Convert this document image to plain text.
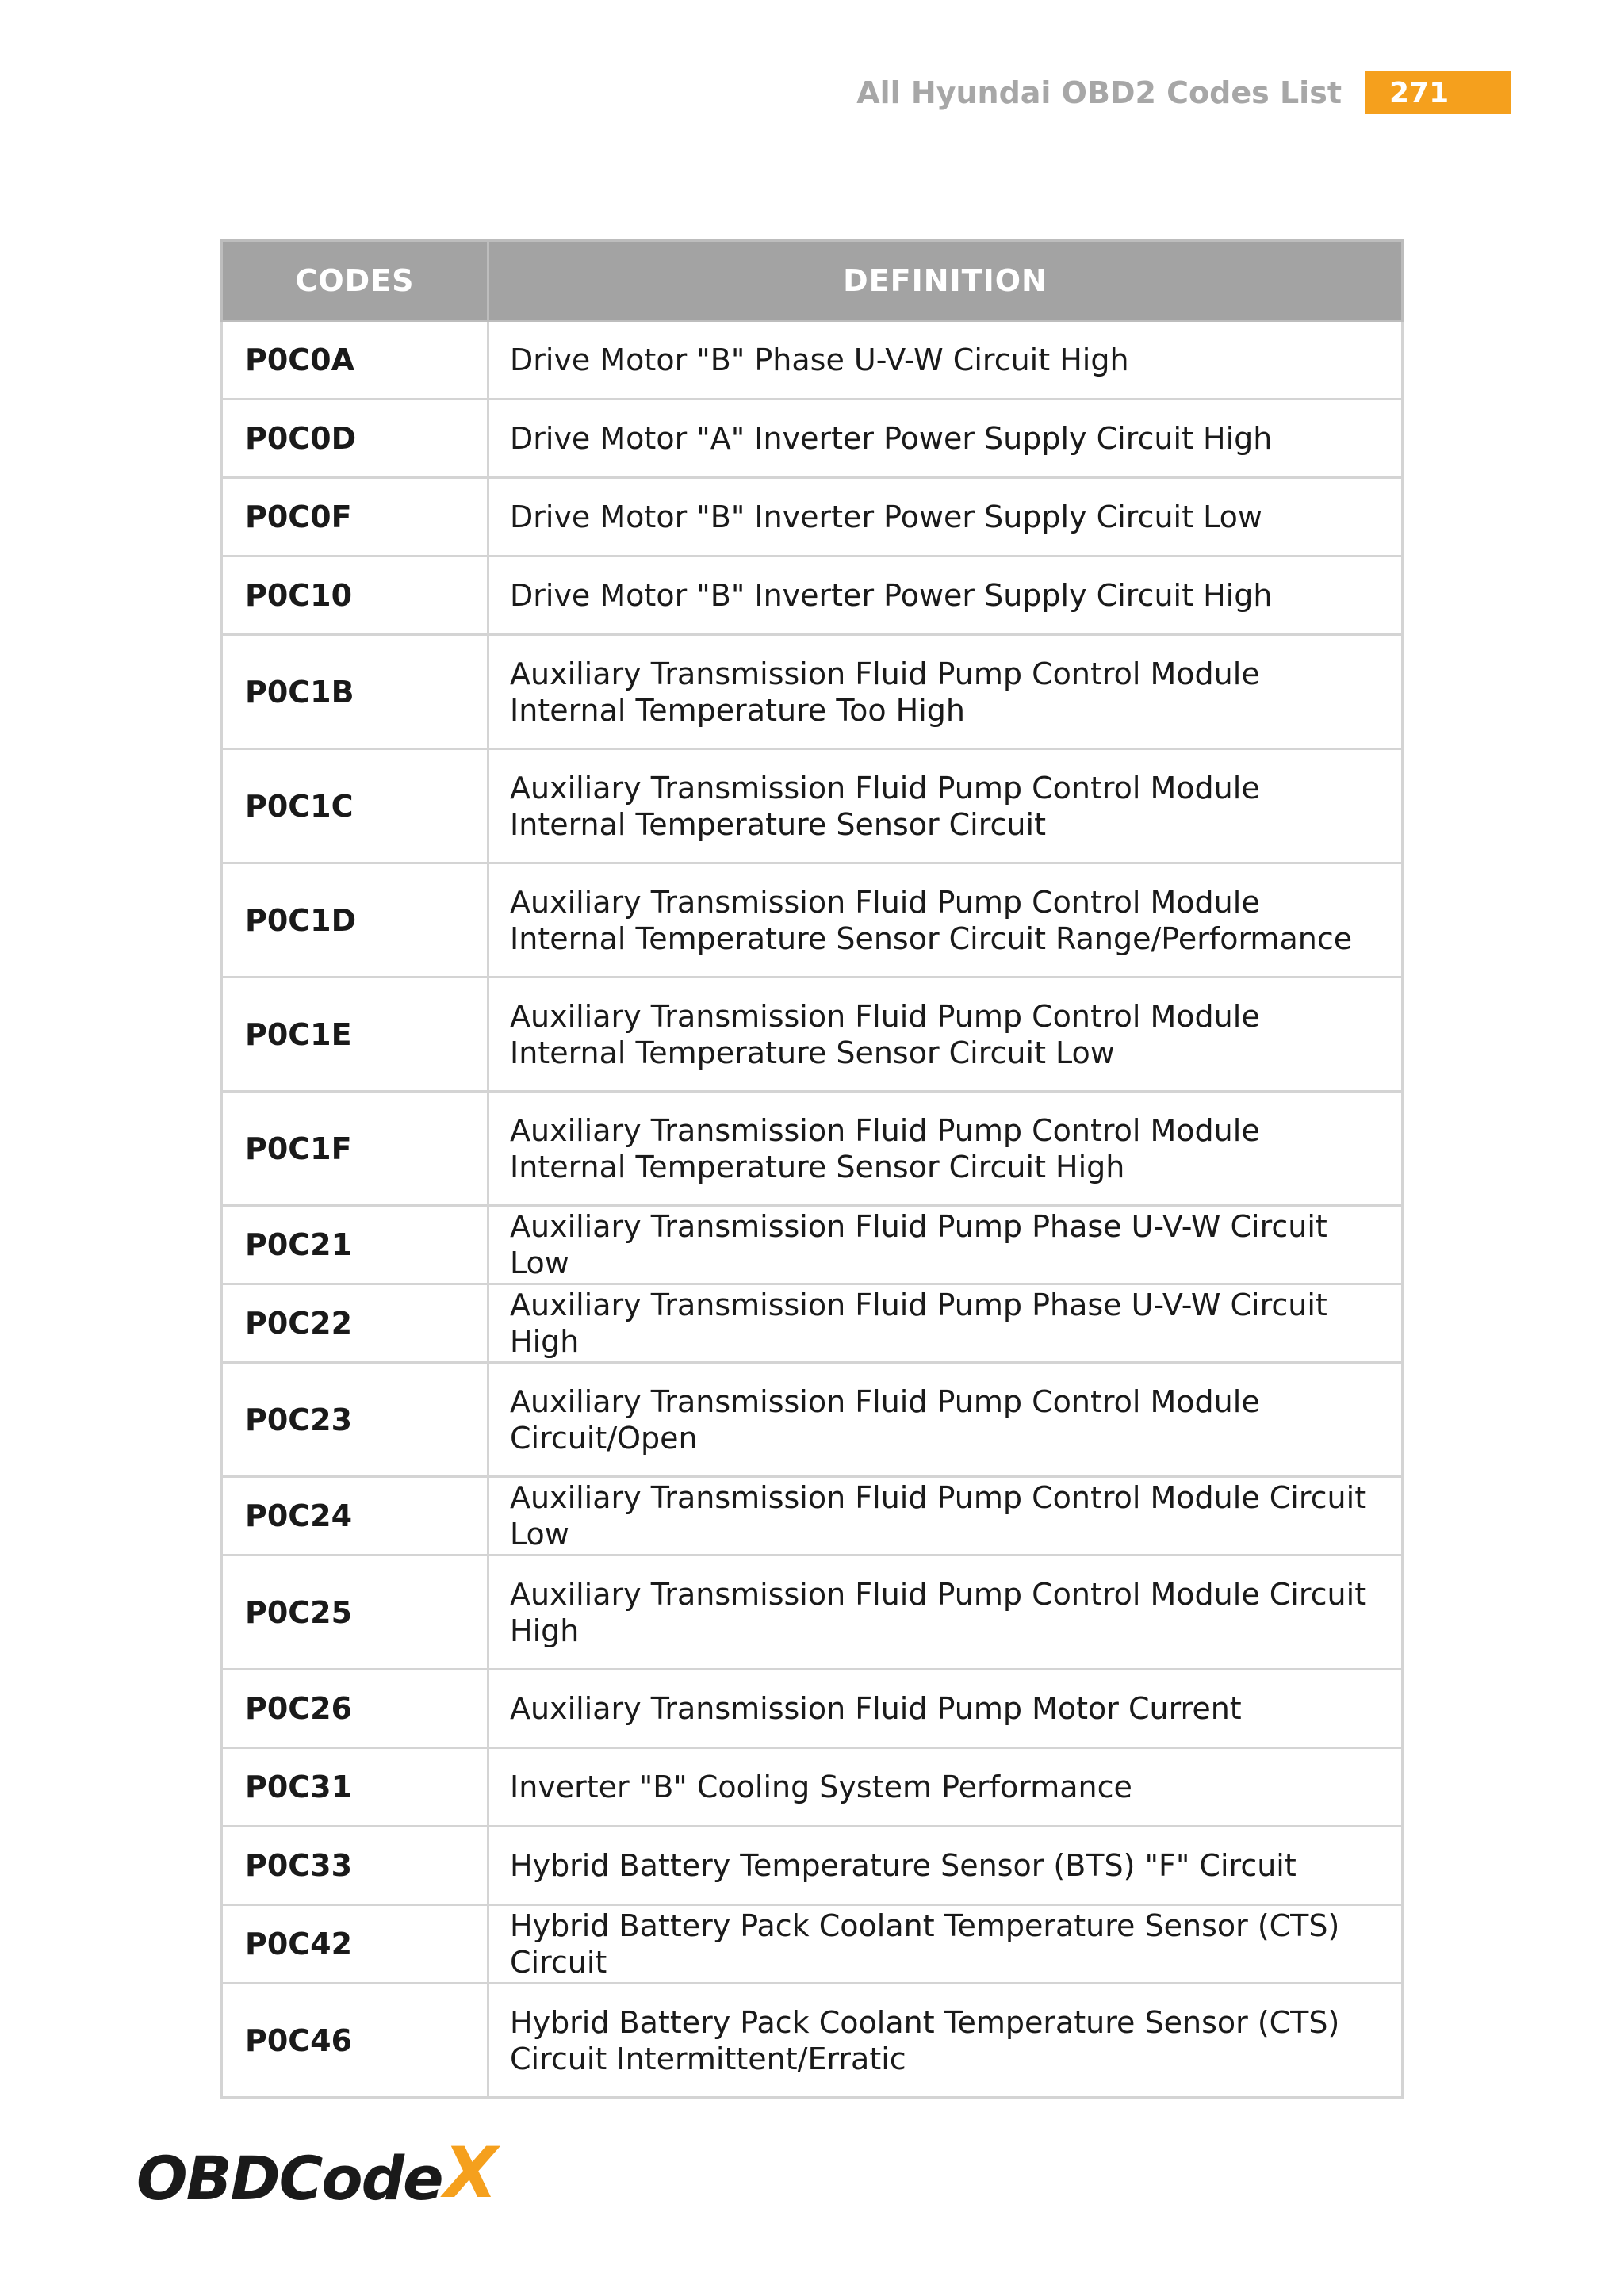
All Hyundai OBD2 Codes List	271
CODES	DEFINITION
P0C0A	Drive Motor "B" Phase U-V-W Circuit High
P0C0D	Drive Motor "A" Inverter Power Supply Circuit High
P0C0F	Drive Motor "B" Inverter Power Supply Circuit Low
P0C10	Drive Motor "B" Inverter Power Supply Circuit High
P0C1B	Auxiliary Transmission Fluid Pump Control Module Internal Temperature Too High
P0C1C	Auxiliary Transmission Fluid Pump Control Module Internal Temperature Sensor Circuit
P0C1D	Auxiliary Transmission Fluid Pump Control Module Internal Temperature Sensor Circuit Range/Performance
P0C1E	Auxiliary Transmission Fluid Pump Control Module Internal Temperature Sensor Circuit Low
P0C1F	Auxiliary Transmission Fluid Pump Control Module Internal Temperature Sensor Circuit High
P0C21	Auxiliary Transmission Fluid Pump Phase U-V-W Circuit Low
P0C22	Auxiliary Transmission Fluid Pump Phase U-V-W Circuit High
P0C23	Auxiliary Transmission Fluid Pump Control Module Circuit/Open
P0C24	Auxiliary Transmission Fluid Pump Control Module Circuit Low
P0C25	Auxiliary Transmission Fluid Pump Control Module Circuit High
P0C26	Auxiliary Transmission Fluid Pump Motor Current
P0C31	Inverter "B" Cooling System Performance
P0C33	Hybrid Battery Temperature Sensor (BTS) "F" Circuit
P0C42	Hybrid Battery Pack Coolant Temperature Sensor (CTS) Circuit
P0C46	Hybrid Battery Pack Coolant Temperature Sensor (CTS) Circuit Intermittent/Erratic
OBDCode X
